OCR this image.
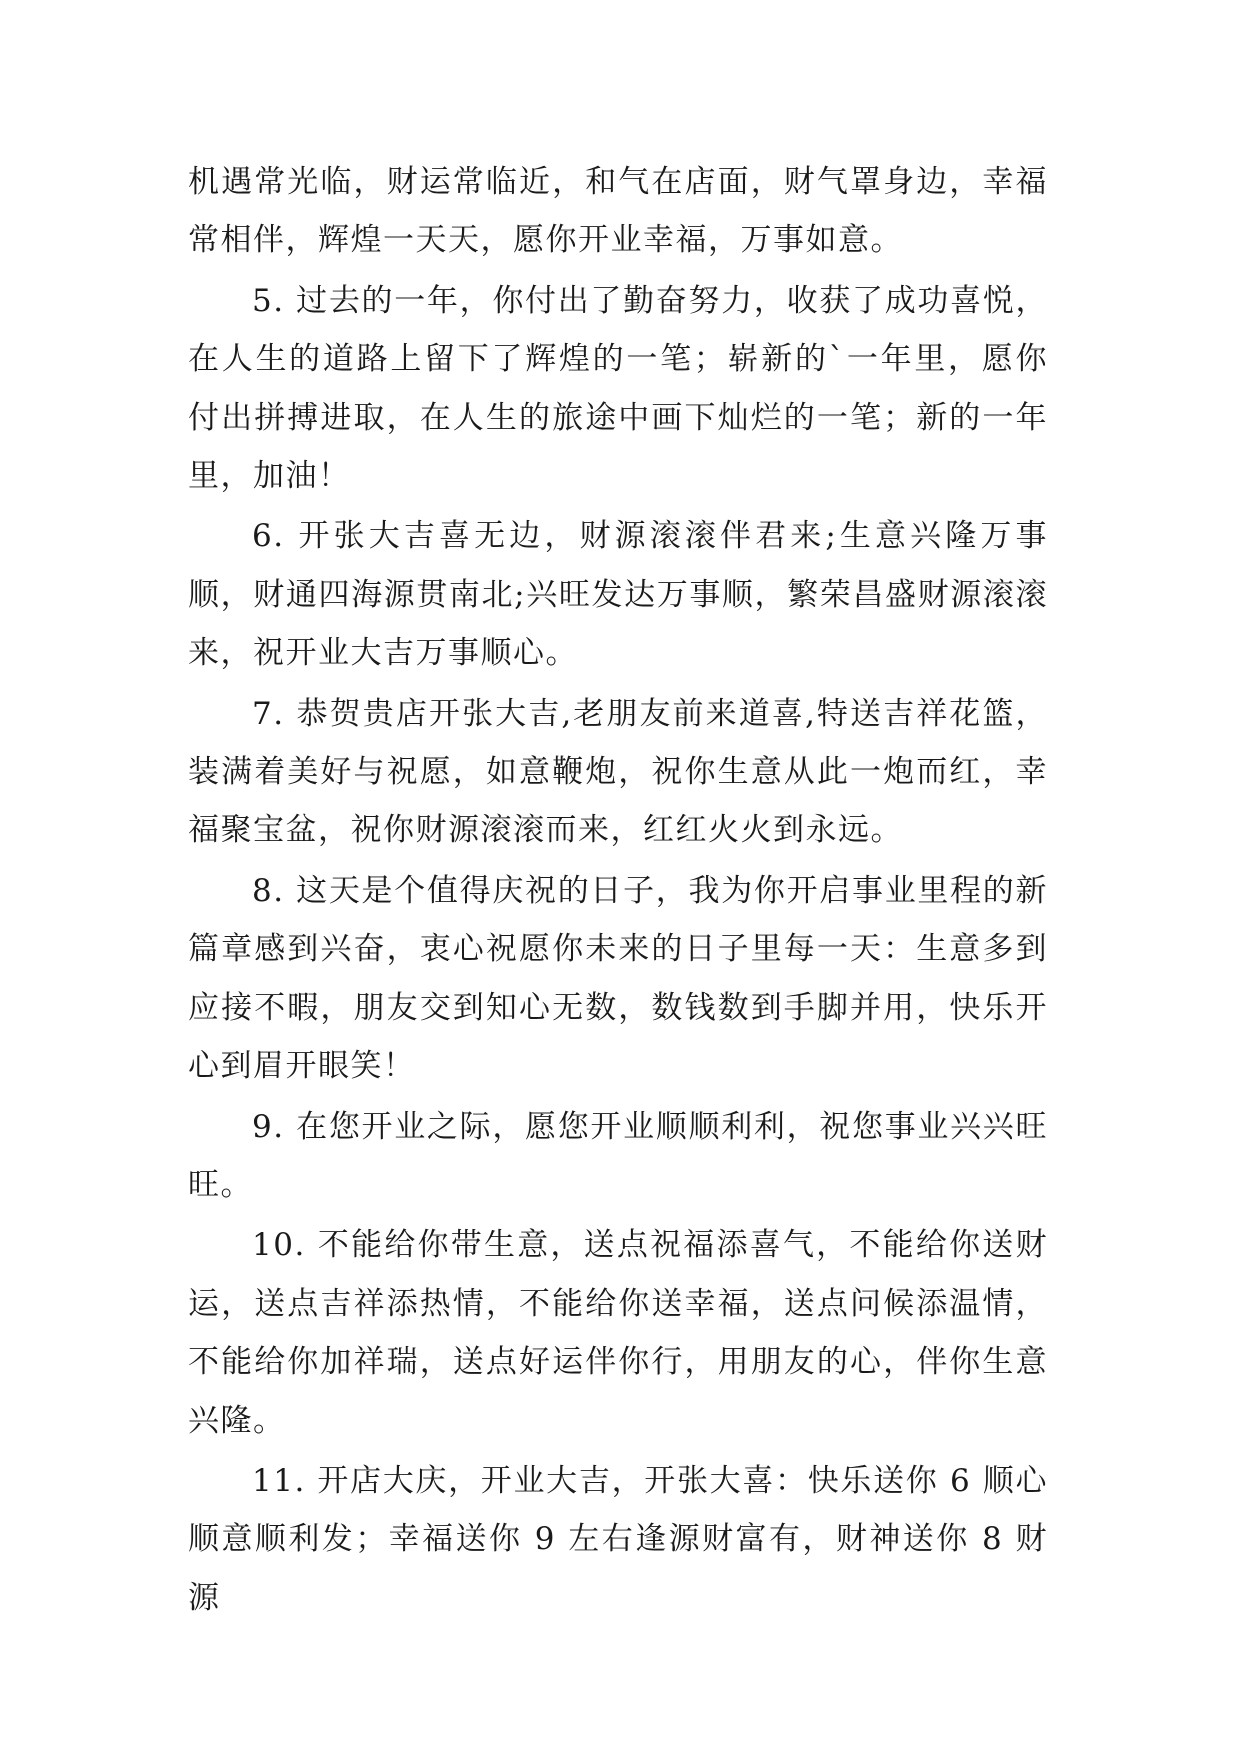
机遇常光临，财运常临近，和气在店面，财气罩身边，幸福常相伴，辉煌一天天，愿你开业幸福，万事如意。

5. 过去的一年，你付出了勤奋努力，收获了成功喜悦，在人生的道路上留下了辉煌的一笔；崭新的`一年里，愿你付出拼搏进取，在人生的旅途中画下灿烂的一笔；新的一年里，加油！

6. 开张大吉喜无边，财源滚滚伴君来;生意兴隆万事顺，财通四海源贯南北;兴旺发达万事顺，繁荣昌盛财源滚滚来，祝开业大吉万事顺心。

7. 恭贺贵店开张大吉,老朋友前来道喜,特送吉祥花篮，装满着美好与祝愿，如意鞭炮，祝你生意从此一炮而红，幸福聚宝盆，祝你财源滚滚而来，红红火火到永远。

8. 这天是个值得庆祝的日子，我为你开启事业里程的新篇章感到兴奋，衷心祝愿你未来的日子里每一天：生意多到应接不暇，朋友交到知心无数，数钱数到手脚并用，快乐开心到眉开眼笑！

9. 在您开业之际，愿您开业顺顺利利，祝您事业兴兴旺旺。

10. 不能给你带生意，送点祝福添喜气，不能给你送财运，送点吉祥添热情，不能给你送幸福，送点问候添温情，不能给你加祥瑞，送点好运伴你行，用朋友的心，伴你生意兴隆。

11. 开店大庆，开业大吉，开张大喜：快乐送你 6 顺心顺意顺利发；幸福送你 9 左右逢源财富有，财神送你 8 财源
